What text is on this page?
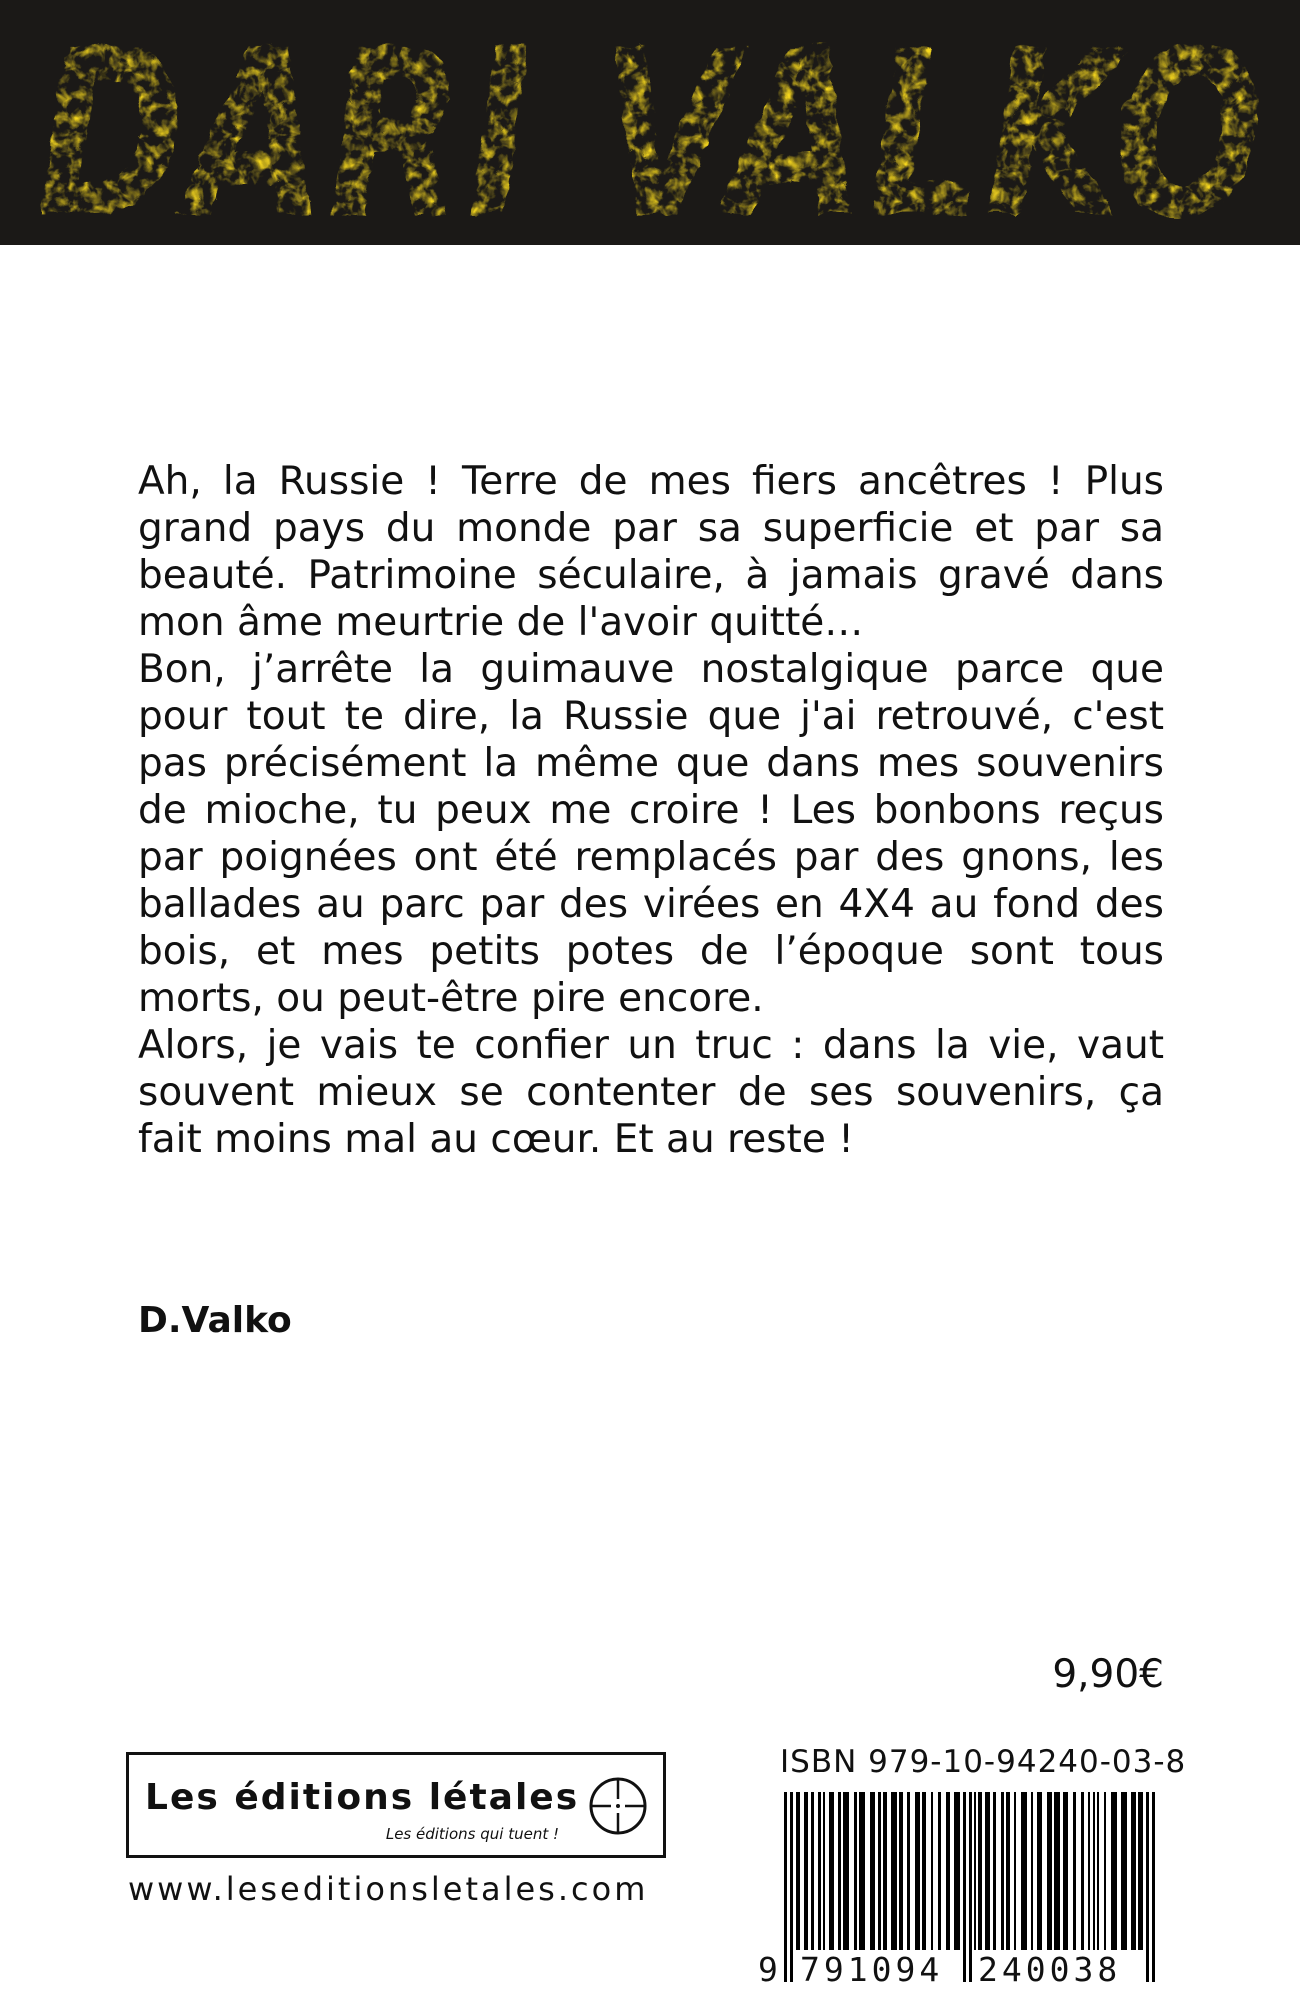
DARI VALKO

Ah, la Russie ! Terre de mes fiers ancêtres ! Plus grand pays du monde par sa superficie et par sa beauté. Patrimoine séculaire, à jamais gravé dans mon âme meurtrie de l'avoir quitté…

Bon, j’arrête la guimauve nostalgique parce que pour tout te dire, la Russie que j'ai retrouvé, c'est pas précisément la même que dans mes souvenirs de mioche, tu peux me croire ! Les bonbons reçus par poignées ont été remplacés par des gnons, les ballades au parc par des virées en 4X4 au fond des bois, et mes petits potes de l’époque sont tous morts, ou peut-être pire encore.

Alors, je vais te confier un truc : dans la vie, vaut souvent mieux se contenter de ses souvenirs, ça fait moins mal au cœur. Et au reste !

D.Valko
9,90€
Les éditions létales
Les éditions qui tuent !
www.leseditionsletales.com
ISBN 979-10-94240-03-8
9 791094 240038
